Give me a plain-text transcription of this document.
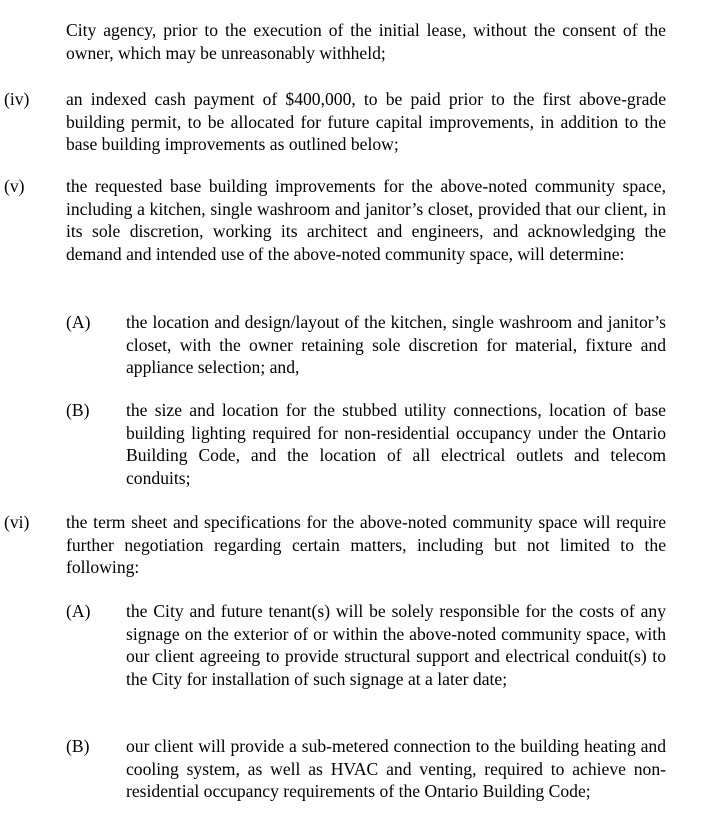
City agency, prior to the execution of the initial lease, without the consent of the owner, which may be unreasonably withheld;

(iv) an indexed cash payment of $400,000, to be paid prior to the first above-grade building permit, to be allocated for future capital improvements, in addition to the base building improvements as outlined below;

(v) the requested base building improvements for the above-noted community space, including a kitchen, single washroom and janitor’s closet, provided that our client, in its sole discretion, working its architect and engineers, and acknowledging the demand and intended use of the above-noted community space, will determine:

(A) the location and design/layout of the kitchen, single washroom and janitor’s closet, with the owner retaining sole discretion for material, fixture and appliance selection; and,

(B) the size and location for the stubbed utility connections, location of base building lighting required for non-residential occupancy under the Ontario Building Code, and the location of all electrical outlets and telecom conduits;

(vi) the term sheet and specifications for the above-noted community space will require further negotiation regarding certain matters, including but not limited to the following:

(A) the City and future tenant(s) will be solely responsible for the costs of any signage on the exterior of or within the above-noted community space, with our client agreeing to provide structural support and electrical conduit(s) to the City for installation of such signage at a later date;

(B) our client will provide a sub-metered connection to the building heating and cooling system, as well as HVAC and venting, required to achieve non-residential occupancy requirements of the Ontario Building Code;
